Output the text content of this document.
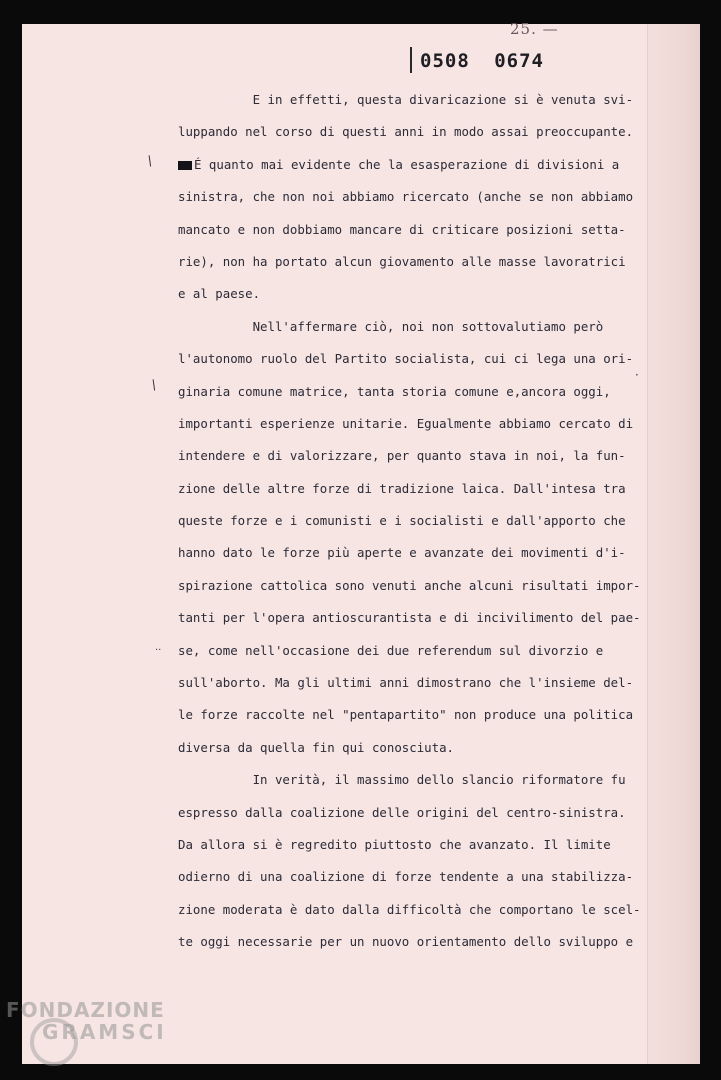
25. —
0508 0674
/
/
··
·
E in effetti, questa divaricazione si è venuta svi-
luppando nel corso di questi anni in modo assai preoccupante.
É quanto mai evidente che la esasperazione di divisioni a
sinistra, che non noi abbiamo ricercato (anche se non abbiamo
mancato e non dobbiamo mancare di criticare posizioni setta-
rie), non ha portato alcun giovamento alle masse lavoratrici
e al paese.
Nell'affermare ciò, noi non sottovalutiamo però
l'autonomo ruolo del Partito socialista, cui ci lega una ori-
ginaria comune matrice, tanta storia comune e,ancora oggi,
importanti esperienze unitarie. Egualmente abbiamo cercato di
intendere e di valorizzare, per quanto stava in noi, la fun-
zione delle altre forze di tradizione laica. Dall'intesa tra
queste forze e i comunisti e i socialisti e dall'apporto che
hanno dato le forze più aperte e avanzate dei movimenti d'i-
spirazione cattolica sono venuti anche alcuni risultati impor-
tanti per l'opera antioscurantista e di incivilimento del pae-
se, come nell'occasione dei due referendum sul divorzio e
sull'aborto. Ma gli ultimi anni dimostrano che l'insieme del-
le forze raccolte nel "pentapartito" non produce una politica
diversa da quella fin qui conosciuta.
In verità, il massimo dello slancio riformatore fu
espresso dalla coalizione delle origini del centro-sinistra.
Da allora si è regredito piuttosto che avanzato. Il limite
odierno di una coalizione di forze tendente a una stabilizza-
zione moderata è dato dalla difficoltà che comportano le scel-
te oggi necessarie per un nuovo orientamento dello sviluppo e
FONDAZIONE
GRAMSCI
